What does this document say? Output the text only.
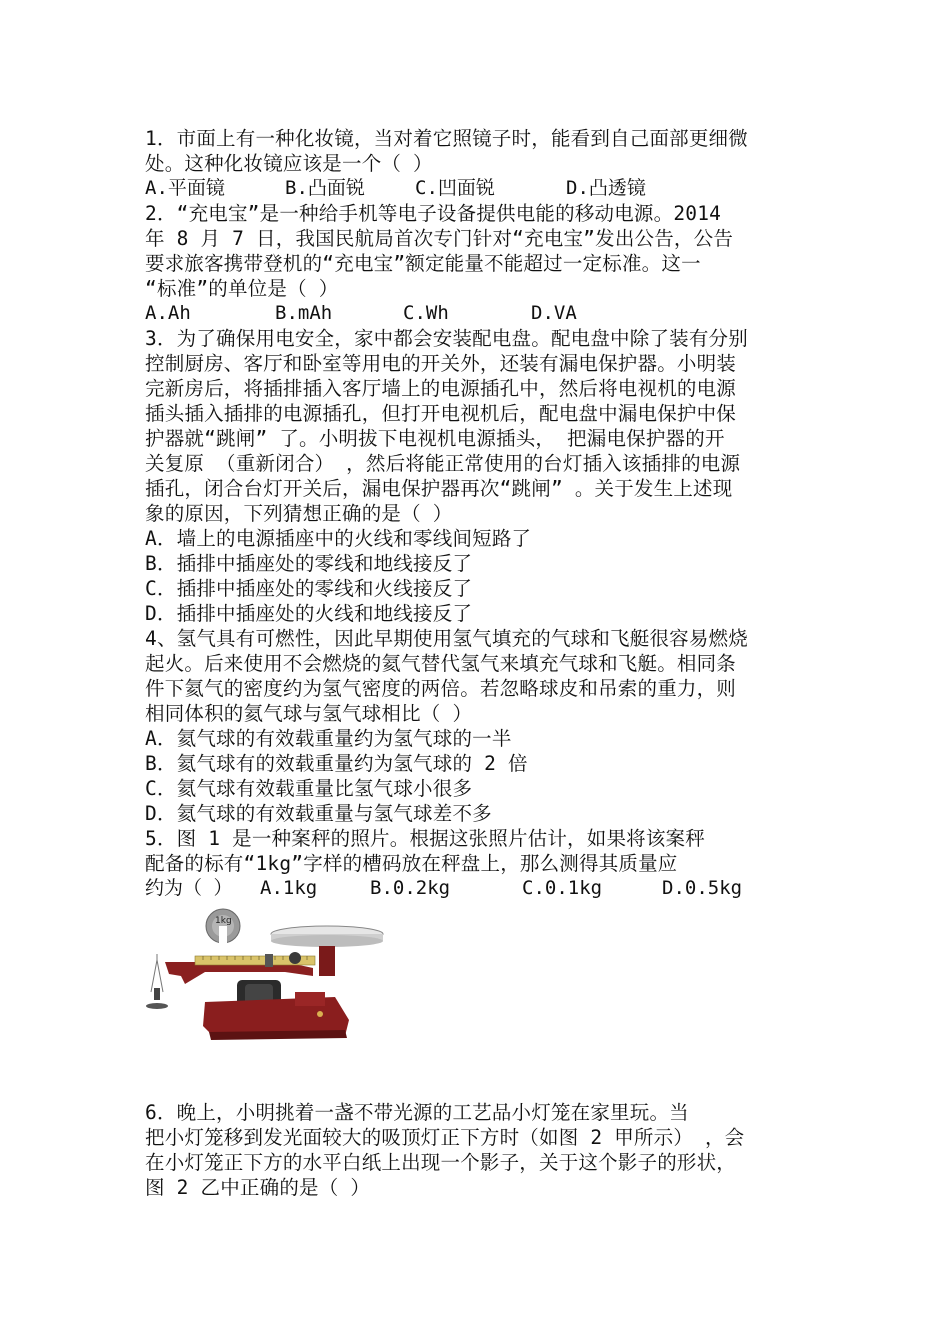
1．市面上有一种化妆镜，当对着它照镜子时，能看到自己面部更细微

处。这种化妆镜应该是一个（ ）

A.平面镜	B.凸面锐	C.凹面锐	D.凸透镜

2．“充电宝”是一种给手机等电子设备提供电能的移动电源。2014

年 8 月 7 日，我国民航局首次专门针对“充电宝”发出公告，公告

要求旅客携带登机的“充电宝”额定能量不能超过一定标准。这一

“标准”的单位是（ ）

A.Ah	B.mAh	C.Wh	D.VA

3．为了确保用电安全，家中都会安装配电盘。配电盘中除了装有分别

控制厨房、客厅和卧室等用电的开关外，还装有漏电保护器。小明装

完新房后，将插排插入客厅墙上的电源插孔中，然后将电视机的电源

插头插入插排的电源插孔，但打开电视机后，配电盘中漏电保护中保

护器就“跳闸” 了。小明拔下电视机电源插头， 把漏电保护器的开

关复原 （重新闭合） ，然后将能正常使用的台灯插入该插排的电源

插孔，闭合台灯开关后，漏电保护器再次“跳闸” 。关于发生上述现

象的原因，下列猜想正确的是（ ）

A．墙上的电源插座中的火线和零线间短路了

B．插排中插座处的零线和地线接反了

C．插排中插座处的零线和火线接反了

D．插排中插座处的火线和地线接反了

4、氢气具有可燃性，因此早期使用氢气填充的气球和飞艇很容易燃烧

起火。后来使用不会燃烧的氦气替代氢气来填充气球和飞艇。相同条

件下氦气的密度约为氢气密度的两倍。若忽略球皮和吊索的重力，则

相同体积的氦气球与氢气球相比（ ）

A．氦气球的有效载重量约为氢气球的一半

B．氦气球有的效载重量约为氢气球的 2 倍

C．氦气球有效载重量比氢气球小很多

D．氦气球的有效载重量与氢气球差不多

5．图 1 是一种案秤的照片。根据这张照片估计，如果将该案秤

配备的标有“1kg”字样的槽码放在秤盘上，那么测得其质量应

约为（ ） A.1kg	B.0.2kg	C.0.1kg	D.0.5kg
1kg

6．晚上，小明挑着一盏不带光源的工艺品小灯笼在家里玩。当

把小灯笼移到发光面较大的吸顶灯正下方时（如图 2 甲所示） ，会

在小灯笼正下方的水平白纸上出现一个影子，关于这个影子的形状，

图 2 乙中正确的是（ ）
